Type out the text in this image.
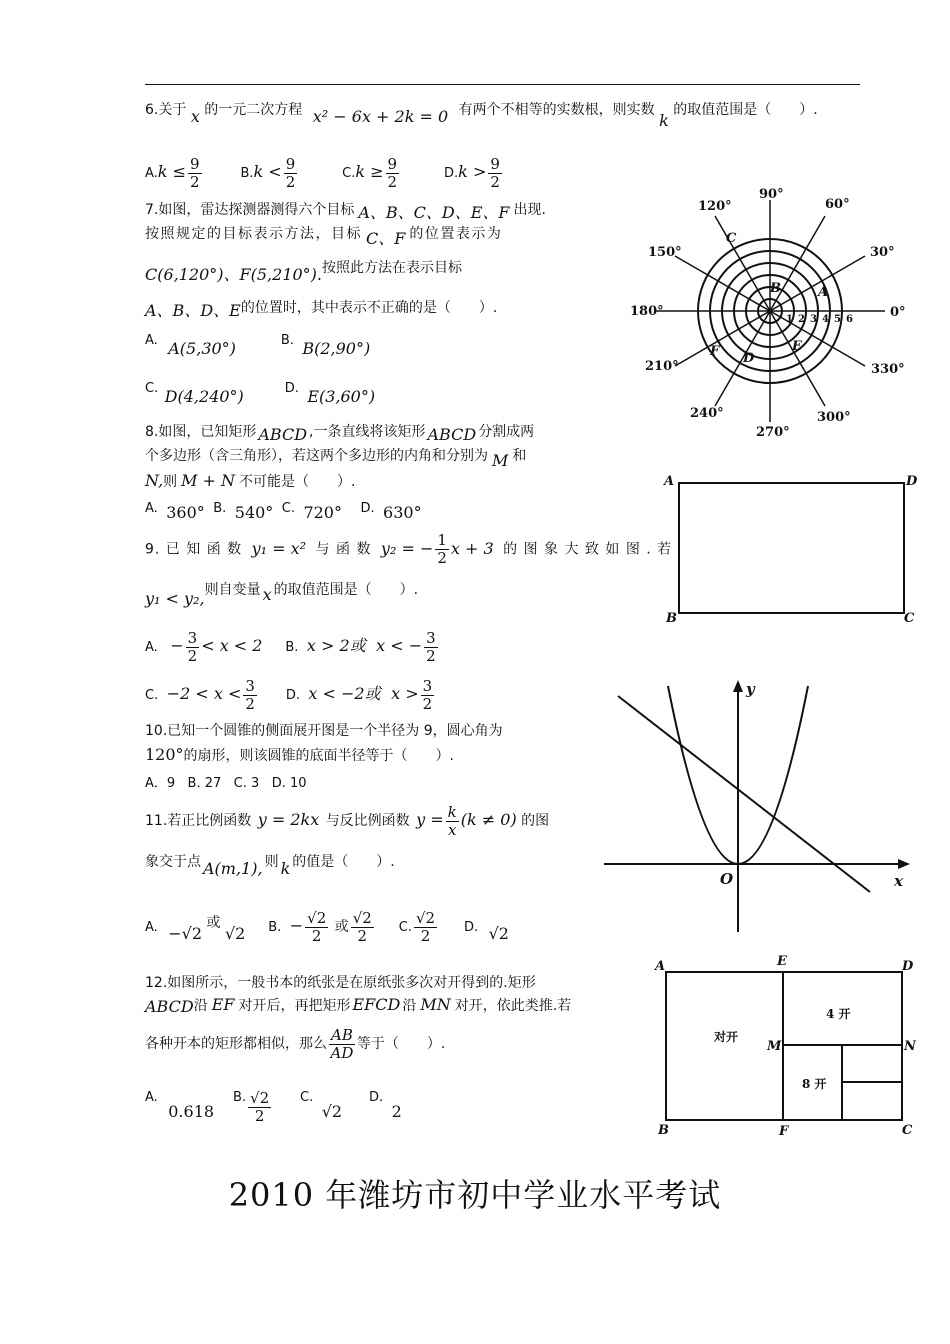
6.关于 x 的一元二次方程 x² − 6x + 2k = 0 有两个不相等的实数根，则实数 k 的取值范围是（　　）.
$A.k \le \frac{9}{2}$	$B.k < \frac{9}{2}$	$C.k \ge \frac{9}{2}$	$D.k > \frac{9}{2}$
7.如图，雷达探测器测得六个目标 A、B、C、D、E、F 出现.
按照规定的目标表示方法，目标 C、F 的位置表示为
C(6,120°)、F(5,210°).按照此方法在表示目标
A、B、D、E的位置时，其中表示不正确的是（　　）.
A. A(5,30°)	B. B(2,90°)
C. D(4,240°)	D. E(3,60°)
90°
60°
30°
0°
330°
300°
270°
240°
210°
180°
150°
120°
1 2 3 4 5 6
A
B
C
D
E
F
8.如图，已知矩形 ABCD ,一条直线将该矩形 ABCD 分割成两
个多边形（含三角形），若这两个多边形的内角和分别为 M 和
N,则 M + N 不可能是（　　）.
A. 360° B. 540° C. 720° D. 630°
A	D
B	C
9. 已 知 函 数 y₁ = x² 与 函 数 y₂ = − $\frac{1}{2}$ x + 3 的 图 象 大 致 如 图 . 若
y₁ < y₂,则自变量 x 的取值范围是（　　）.
A. − $\frac{3}{2} < x < 2$ B. x > 2或 x < − $\frac{3}{2}$
C. $-2 < x < \frac{3}{2} D$. x < −2或 $x > \frac{3}{2}$	y
x
O
10.已知一个圆锥的侧面展开图是一个半径为 9，圆心角为
120°的扇形，则该圆锥的底面半径等于（　　）.
A．9   B. 27   C. 3   D. 10
11.若正比例函数 y = 2kx 与反比例函数 $y = \frac{k}{x} (k \ne 0)$ 的图
象交于点 A(m,1), 则 k 的值是（　　）.
A. −√2 或 √2 B. − $\frac{√2}{2}$ 或 $\frac{√2}{2} C$. $\frac{√2}{2} D$. √2
12.如图所示，一般书本的纸张是在原纸张多次对开得到的.矩形
ABCD沿 EF 对开后，再把矩形 EFCD 沿 MN 对开，依此类推.若
各种开本的矩形都相似，那么 $\frac{AB}{AD}$ 等于（　　）.
A. 0.618  B. $\frac{√2}{2} C$. √2  D. 2
A	E	D
M	N
B	F	C
对开
4 开
8 开
2010 年潍坊市初中学业水平考试
